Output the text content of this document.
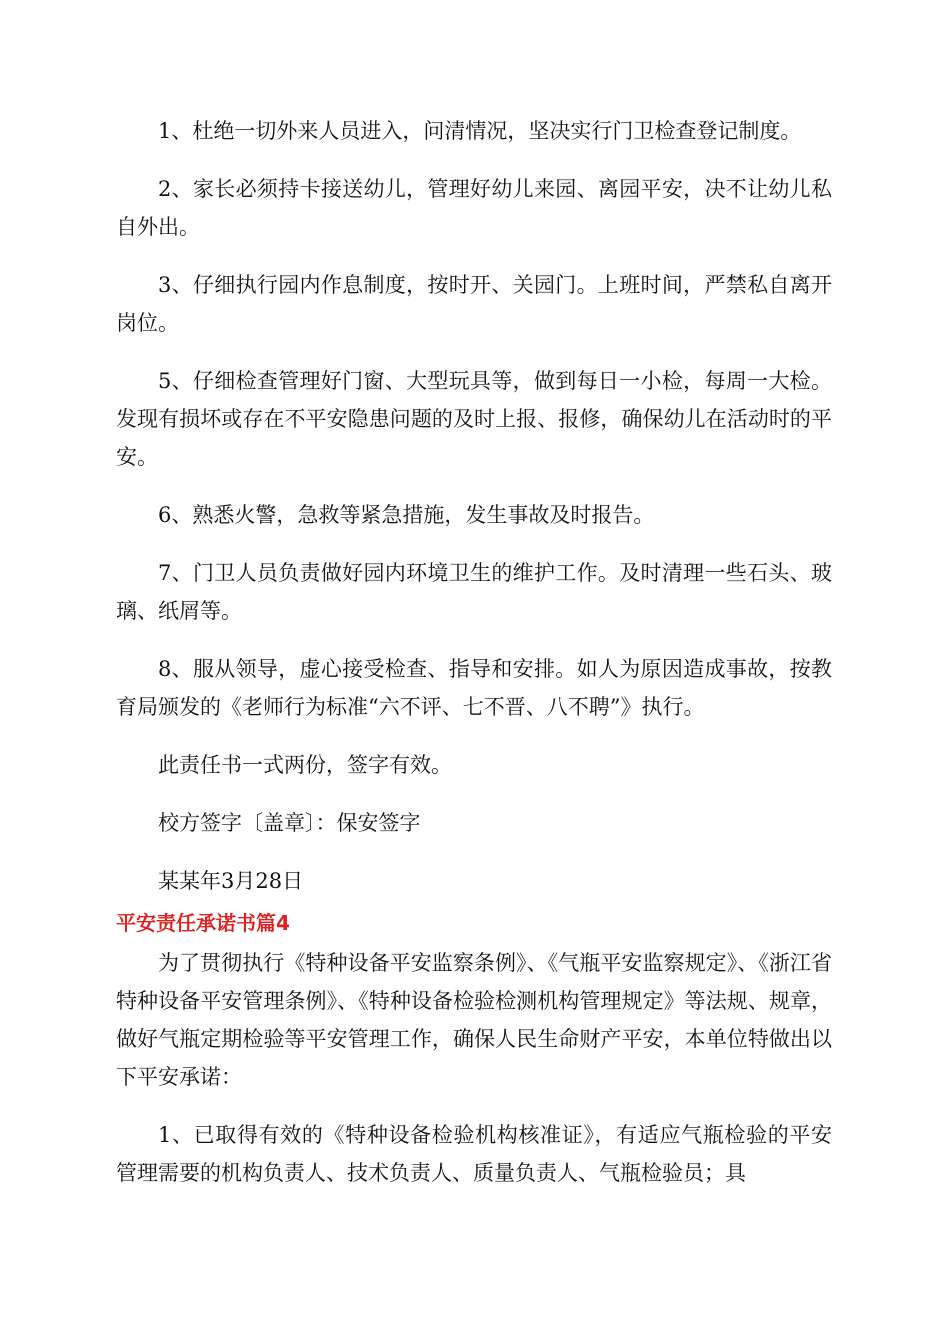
1、杜绝一切外来人员进入，问清情况，坚决实行门卫检查登记制度。

2、家长必须持卡接送幼儿，管理好幼儿来园、离园平安，决不让幼儿私自外出。

3、仔细执行园内作息制度，按时开、关园门。上班时间，严禁私自离开岗位。

5、仔细检查管理好门窗、大型玩具等，做到每日一小检，每周一大检。发现有损坏或存在不平安隐患问题的及时上报、报修，确保幼儿在活动时的平安。

6、熟悉火警，急救等紧急措施，发生事故及时报告。

7、门卫人员负责做好园内环境卫生的维护工作。及时清理一些石头、玻璃、纸屑等。

8、服从领导，虚心接受检查、指导和安排。如人为原因造成事故，按教育局颁发的《老师行为标准“六不评、七不晋、八不聘”》执行。

此责任书一式两份，签字有效。

校方签字〔盖章〕：保安签字

某某年3月28日

平安责任承诺书篇4

为了贯彻执行《特种设备平安监察条例》、《气瓶平安监察规定》、《浙江省特种设备平安管理条例》、《特种设备检验检测机构管理规定》等法规、规章，做好气瓶定期检验等平安管理工作，确保人民生命财产平安，本单位特做出以下平安承诺：

1、已取得有效的《特种设备检验机构核准证》，有适应气瓶检验的平安管理需要的机构负责人、技术负责人、质量负责人、气瓶检验员；具
